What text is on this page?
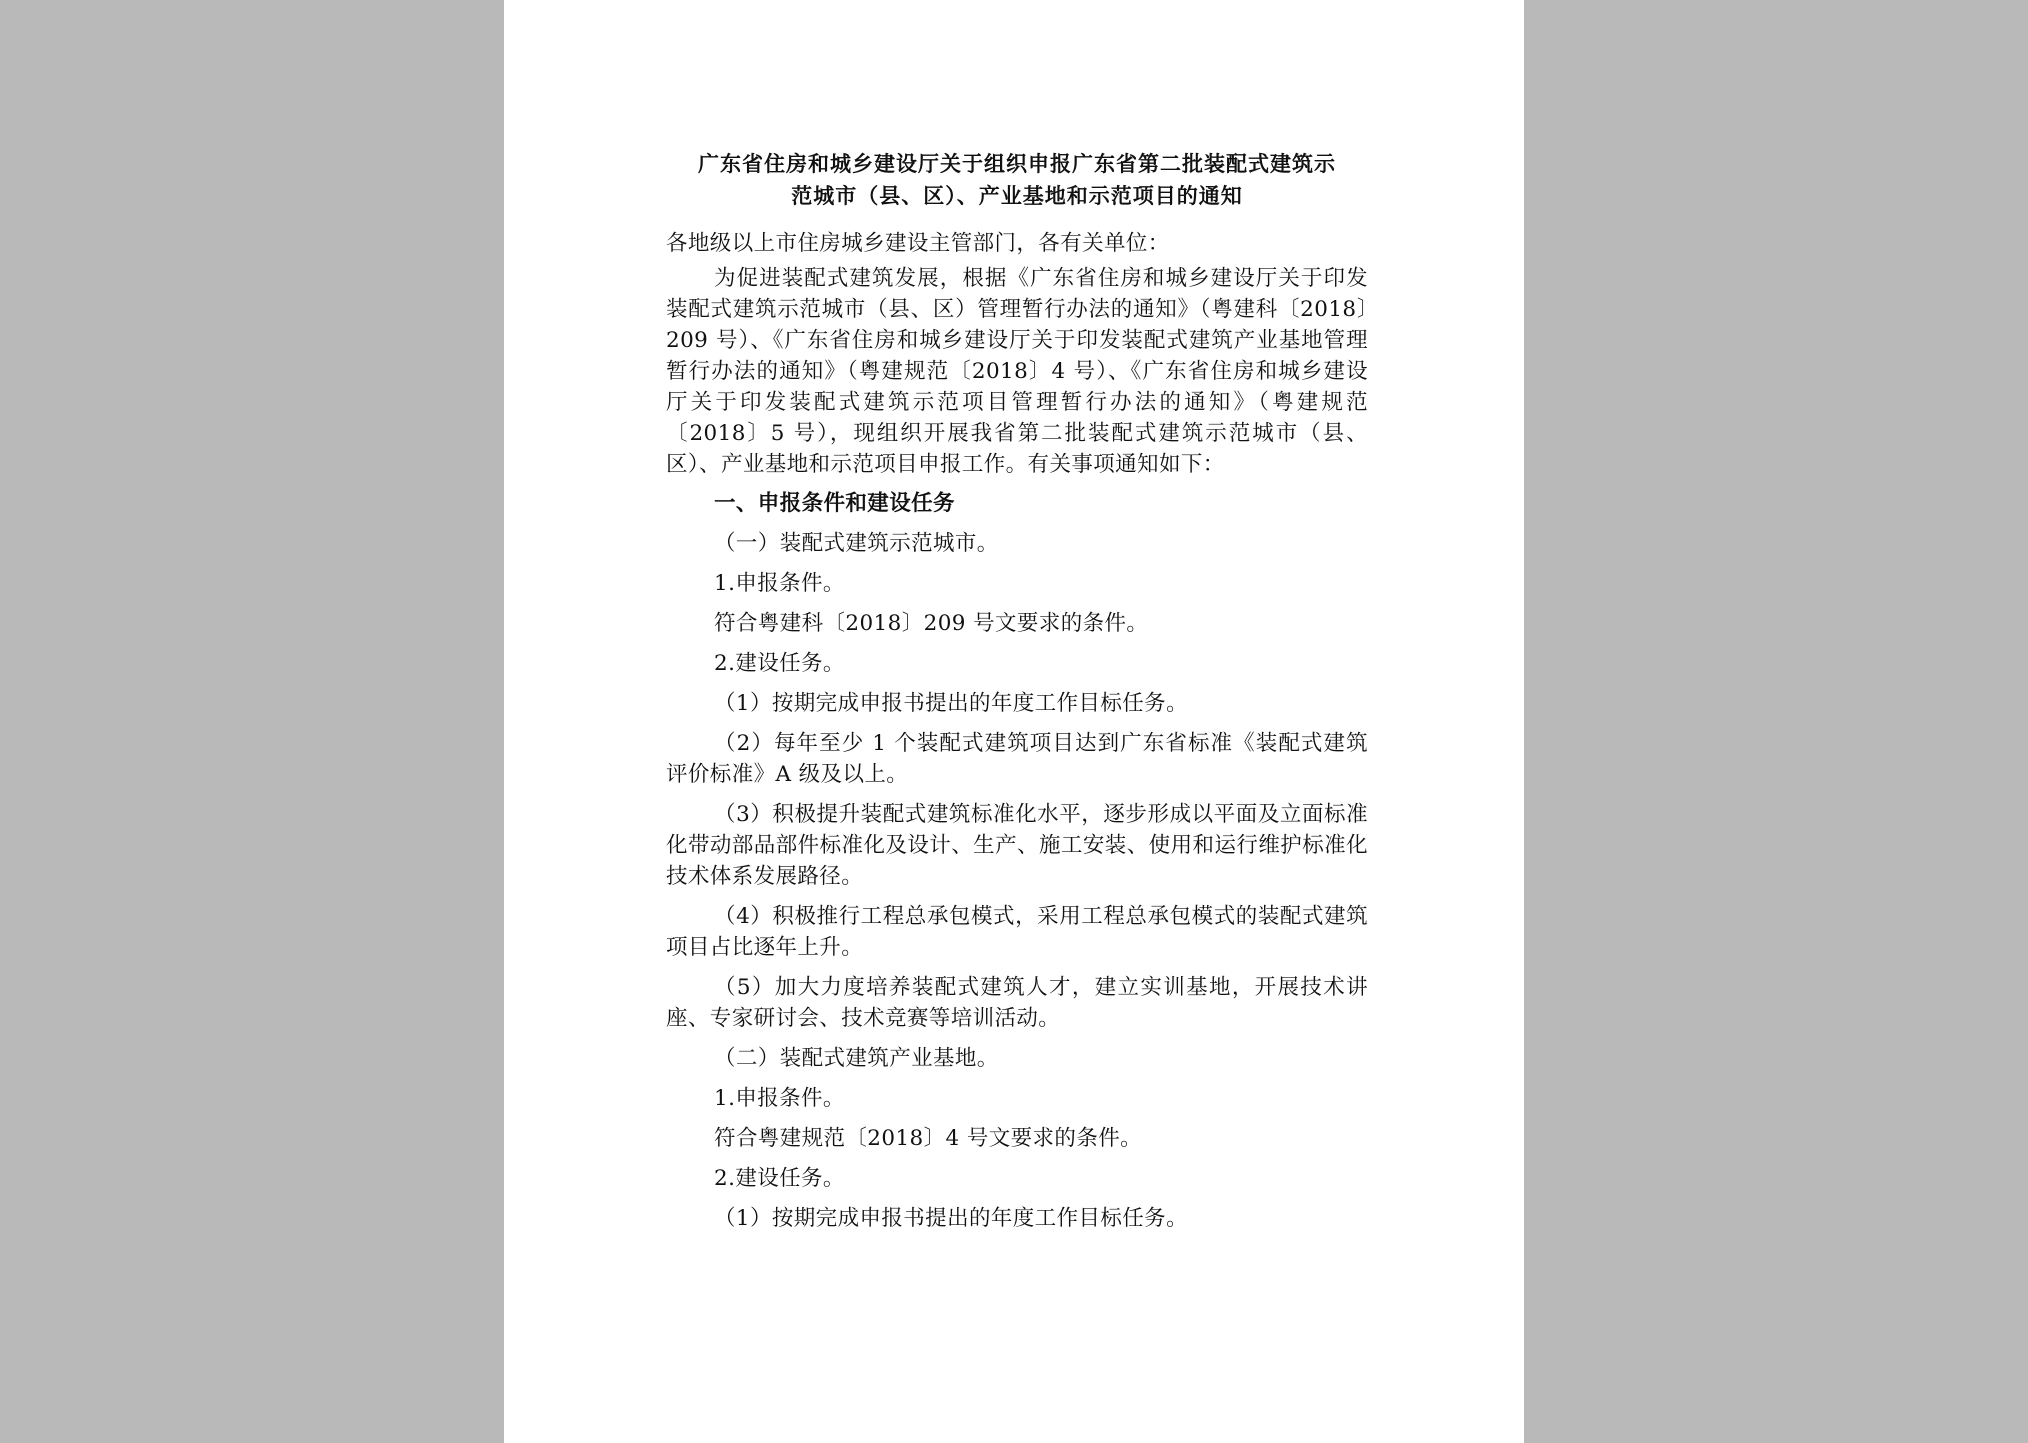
广东省住房和城乡建设厅关于组织申报广东省第二批装配式建筑示
范城市（县、区）、产业基地和示范项目的通知

各地级以上市住房城乡建设主管部门，各有关单位：

为促进装配式建筑发展，根据《广东省住房和城乡建设厅关于印发装配式建筑示范城市（县、区）管理暂行办法的通知》（粤建科〔2018〕209 号）、《广东省住房和城乡建设厅关于印发装配式建筑产业基地管理暂行办法的通知》（粤建规范〔2018〕4 号）、《广东省住房和城乡建设厅关于印发装配式建筑示范项目管理暂行办法的通知》（粤建规范〔2018〕5 号），现组织开展我省第二批装配式建筑示范城市（县、区）、产业基地和示范项目申报工作。有关事项通知如下：

一、申报条件和建设任务

（一）装配式建筑示范城市。

1.申报条件。

符合粤建科〔2018〕209 号文要求的条件。

2.建设任务。

（1）按期完成申报书提出的年度工作目标任务。

（2）每年至少 1 个装配式建筑项目达到广东省标准《装配式建筑评价标准》A 级及以上。

（3）积极提升装配式建筑标准化水平，逐步形成以平面及立面标准化带动部品部件标准化及设计、生产、施工安装、使用和运行维护标准化技术体系发展路径。

（4）积极推行工程总承包模式，采用工程总承包模式的装配式建筑项目占比逐年上升。

（5）加大力度培养装配式建筑人才，建立实训基地，开展技术讲座、专家研讨会、技术竞赛等培训活动。

（二）装配式建筑产业基地。

1.申报条件。

符合粤建规范〔2018〕4 号文要求的条件。

2.建设任务。

（1）按期完成申报书提出的年度工作目标任务。
